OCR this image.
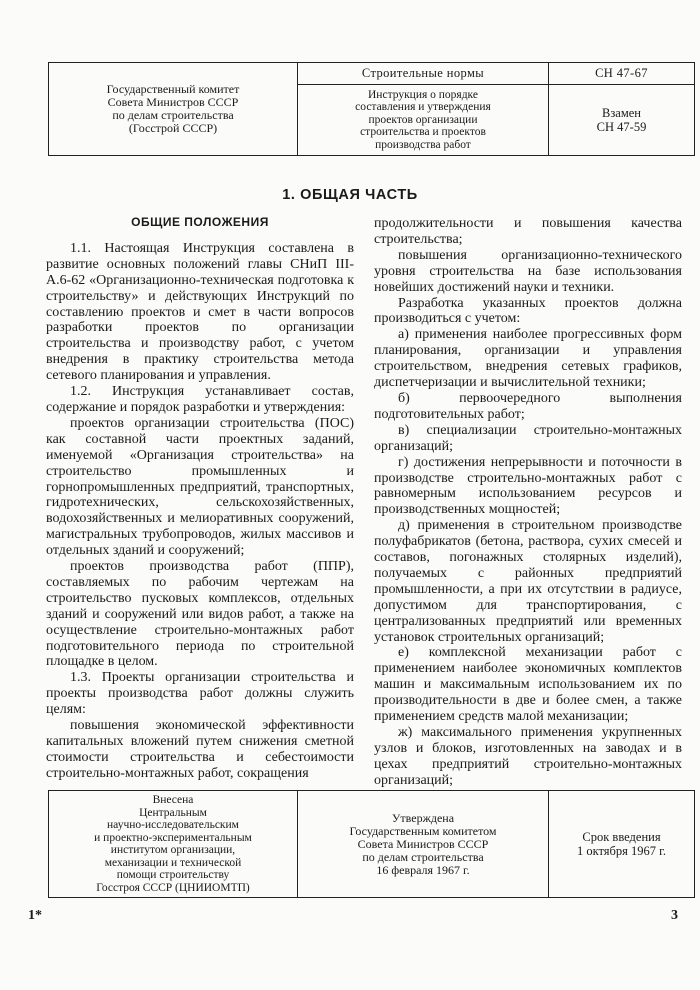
Государственный комитет
Совета Министров СССР
по делам строительства
(Госстрой СССР)
Строительные нормы
Инструкция о порядке
составления и утверждения
проектов организации
строительства и проектов
производства работ
СН 47-67
Взамен
СН 47-59
1. ОБЩАЯ ЧАСТЬ
ОБЩИЕ ПОЛОЖЕНИЯ

1.1. Настоящая Инструкция составлена в развитие основных положений главы СНиП III-А.6-62 «Организационно-техническая подготовка к строительству» и действующих Инструкций по составлению проектов и смет в части вопросов разработки проектов по организации строительства и производству работ, с учетом внедрения в практику строительства метода сетевого планирования и управления.

1.2. Инструкция устанавливает состав, содержание и порядок разработки и утверждения:

проектов организации строительства (ПОС) как составной части проектных заданий, именуемой «Организация строительства» на строительство промышленных и горнопромышленных предприятий, транспортных, гидротехнических, сельскохозяйственных, водохозяйственных и мелиоративных сооружений, магистральных трубопроводов, жилых массивов и отдельных зданий и сооружений;

проектов производства работ (ППР), составляемых по рабочим чертежам на строительство пусковых комплексов, отдельных зданий и сооружений или видов работ, а также на осуществление строительно-монтажных работ подготовительного периода по строительной площадке в целом.

1.3. Проекты организации строительства и проекты производства работ должны служить целям:

повышения экономической эффективности капитальных вложений путем снижения сметной стоимости строительства и себестоимости строительно-монтажных работ, сокращения

продолжительности и повышения качества строительства;

повышения организационно-технического уровня строительства на базе использования новейших достижений науки и техники.

Разработка указанных проектов должна производиться с учетом:

а) применения наиболее прогрессивных форм планирования, организации и управления строительством, внедрения сетевых графиков, диспетчеризации и вычислительной техники;

б) первоочередного выполнения подготовительных работ;

в) специализации строительно-монтажных организаций;

г) достижения непрерывности и поточности в производстве строительно-монтажных работ с равномерным использованием ресурсов и производственных мощностей;

д) применения в строительном производстве полуфабрикатов (бетона, раствора, сухих смесей и составов, погонажных столярных изделий), получаемых с районных предприятий промышленности, а при их отсутствии в радиусе, допустимом для транспортирования, с централизованных предприятий или временных установок строительных организаций;

е) комплексной механизации работ с применением наиболее экономичных комплектов машин и максимальным использованием их по производительности в две и более смен, а также применением средств малой механизации;

ж) максимального применения укрупненных узлов и блоков, изготовленных на заводах и в цехах предприятий строительно-монтажных организаций;

Внесена
Центральным
научно-исследовательским
и проектно-экспериментальным
институтом организации,
механизации и технической
помощи строительству
Госстроя СССР (ЦНИИОМТП)
Утверждена
Государственным комитетом
Совета Министров СССР
по делам строительства
16 февраля 1967 г.
Срок введения
1 октября 1967 г.
1*	3
